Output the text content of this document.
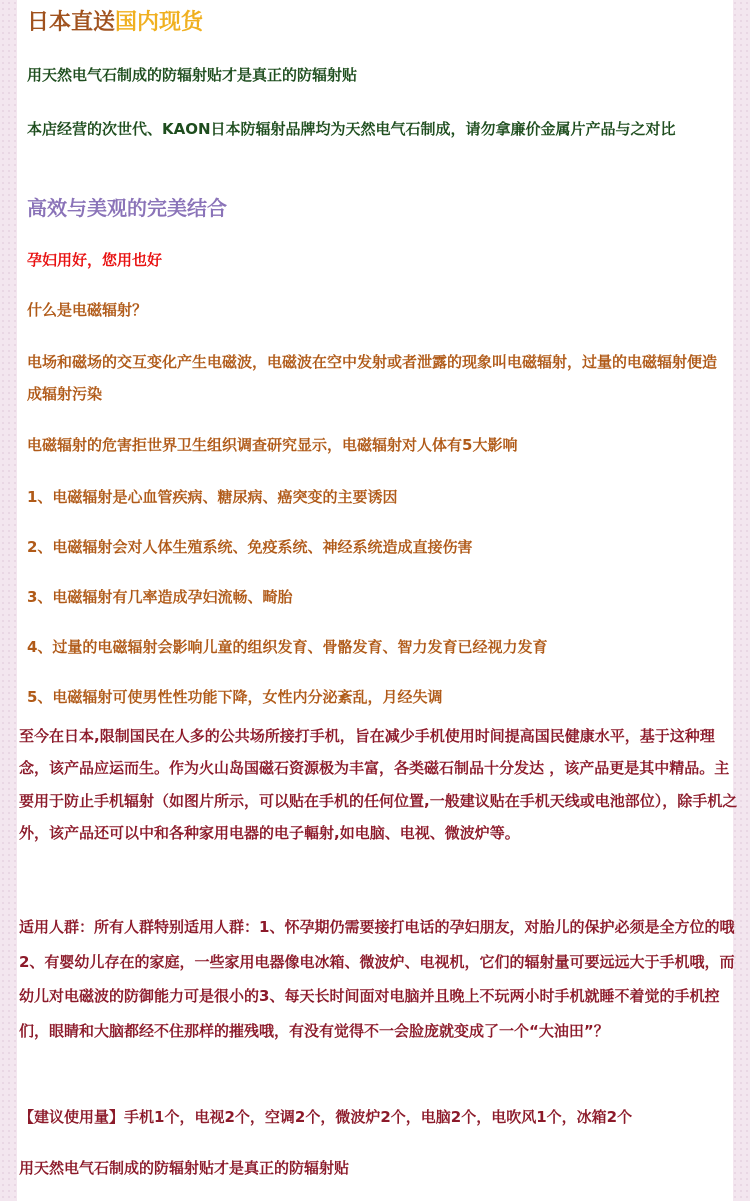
日本直送国内现货

用天然电气石制成的防辐射贴才是真正的防辐射贴

本店经营的次世代、KAON日本防辐射品牌均为天然电气石制成，请勿拿廉价金属片产品与之对比

高效与美观的完美结合

孕妇用好，您用也好

什么是电磁辐射？

电场和磁场的交互变化产生电磁波，电磁波在空中发射或者泄露的现象叫电磁辐射，过量的电磁辐射便造成辐射污染

电磁辐射的危害拒世界卫生组织调查研究显示，电磁辐射对人体有5大影响

1、电磁辐射是心血管疾病、糖尿病、癌突变的主要诱因

2、电磁辐射会对人体生殖系统、免疫系统、神经系统造成直接伤害

3、电磁辐射有几率造成孕妇流畅、畸胎

4、过量的电磁辐射会影响儿童的组织发育、骨骼发育、智力发育已经视力发育

5、电磁辐射可使男性性功能下降，女性内分泌紊乱，月经失调

至今在日本,限制国民在人多的公共场所接打手机，旨在减少手机使用时间提高国民健康水平，基于这种理念，该产品应运而生。作为火山岛国磁石资源极为丰富，各类磁石制品十分发达 ，该产品更是其中精品。主要用于防止手机辐射（如图片所示，可以贴在手机的任何位置,一般建议贴在手机天线或电池部位），除手机之外，该产品还可以中和各种家用电器的电子輻射,如电脑、电视、微波炉等。

适用人群：所有人群特别适用人群：1、怀孕期仍需要接打电话的孕妇朋友，对胎儿的保护必须是全方位的哦2、有婴幼儿存在的家庭，一些家用电器像电冰箱、微波炉、电视机，它们的辐射量可要远远大于手机哦，而幼儿对电磁波的防御能力可是很小的3、每天长时间面对电脑并且晚上不玩两小时手机就睡不着觉的手机控们，眼睛和大脑都经不住那样的摧残哦，有没有觉得不一会脸庞就变成了一个“大油田”？

【建议使用量】手机1个，电视2个，空调2个，微波炉2个，电脑2个，电吹风1个，冰箱2个

用天然电气石制成的防辐射贴才是真正的防辐射贴
